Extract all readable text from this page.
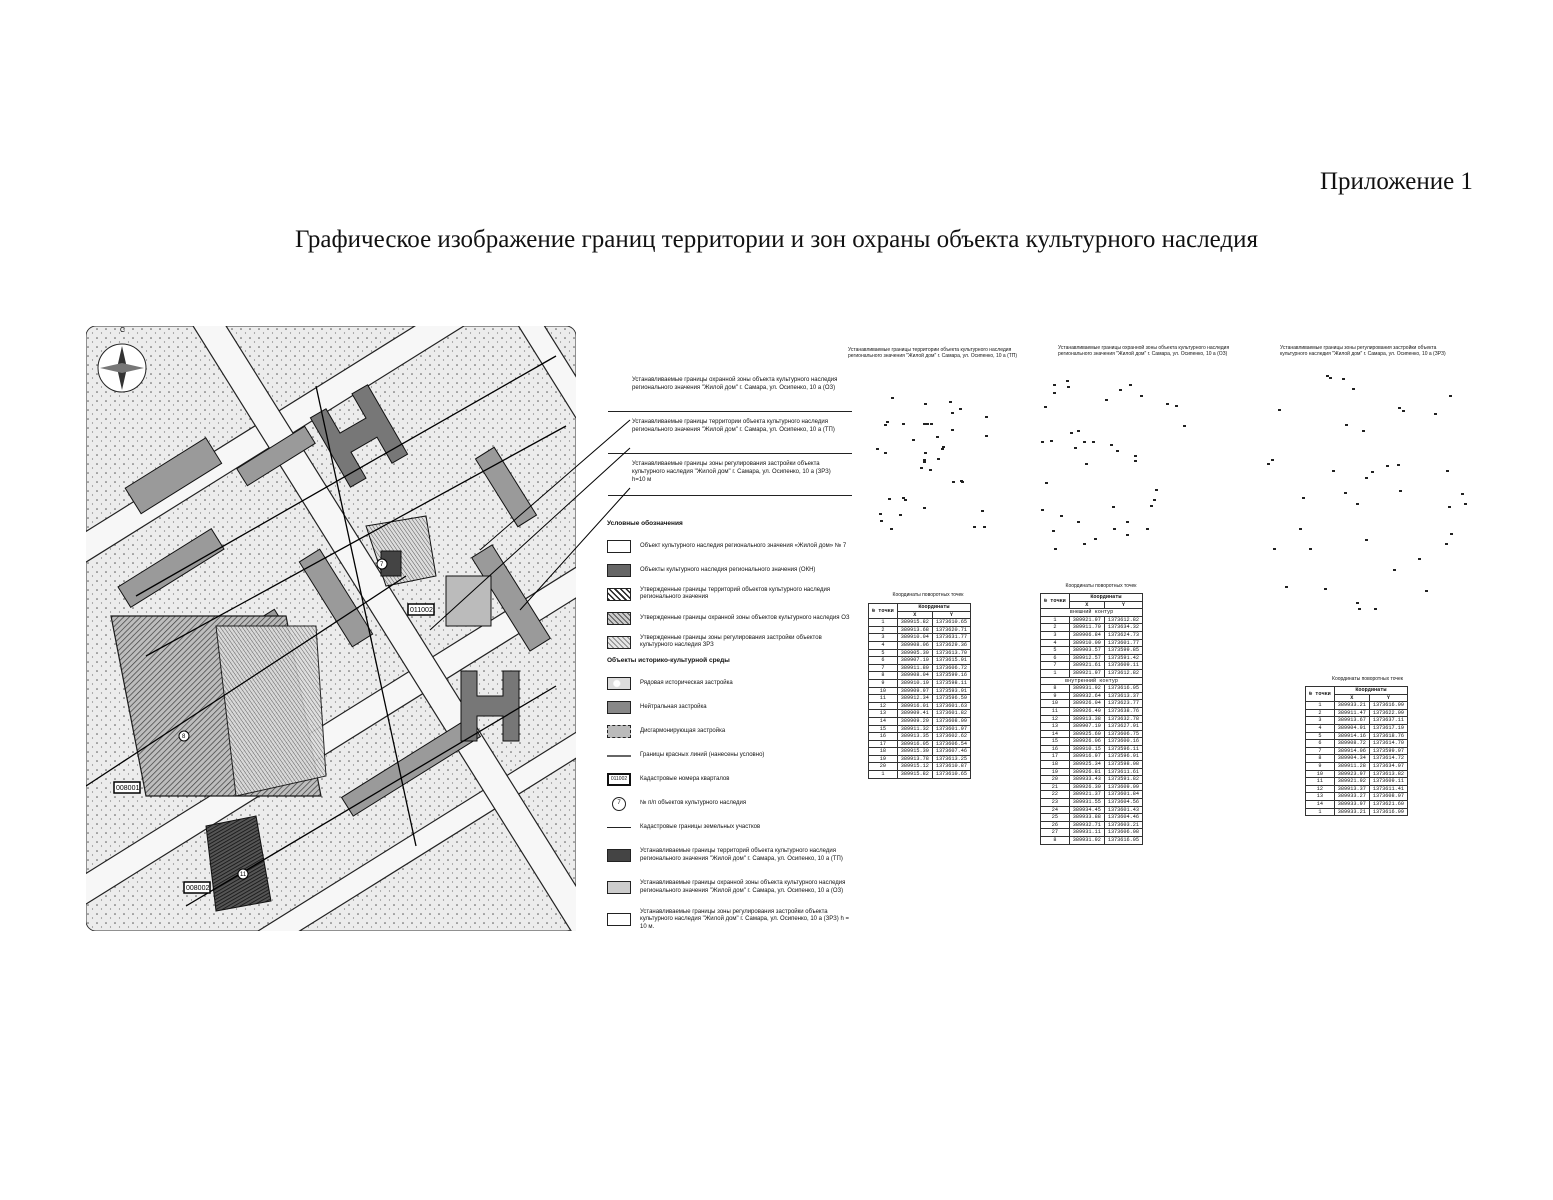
Приложение 1
Графическое изображение границ территории и зон охраны объекта культурного наследия
С
011002
008001
008002
7
8
11
Устанавливаемые границы охранной зоны объекта культурного наследия регионального значения "Жилой дом" г. Самара, ул. Осипенко, 10 а (ОЗ)
Устанавливаемые границы территории объекта культурного наследия регионального значения "Жилой дом" г. Самара, ул. Осипенко, 10 а (ТП)
Устанавливаемые границы зоны регулирования застройки объекта культурного наследия "Жилой дом" г. Самара, ул. Осипенко, 10 а (ЗРЗ) h=10 м
Условные обозначения
Объект культурного наследия регионального значения «Жилой дом» № 7
Объекты культурного наследия регионального значения (ОКН)
Утвержденные границы территорий объектов культурного наследия регионального значения
Утвержденные границы охранной зоны объектов культурного наследия ОЗ
Утвержденные границы зоны регулирования застройки объектов культурного наследия ЗРЗ
Объекты историко-культурной среды
Рядовая историческая застройка
Нейтральная застройка
Дисгармонирующая застройка
Границы красных линий (нанесены условно)
011002	Кадастровые номера кварталов
7	№ п/п объектов культурного наследия
Кадастровые границы земельных участков
Устанавливаемые границы территорий объекта культурного наследия регионального значения "Жилой дом" г. Самара, ул. Осипенко, 10 а (ТП)
Устанавливаемые границы охранной зоны объекта культурного наследия регионального значения "Жилой дом" г. Самара, ул. Осипенко, 10 а (ОЗ)
Устанавливаемые границы зоны регулирования застройки объекта культурного наследия "Жилой дом" г. Самара, ул. Осипенко, 10 а (ЗРЗ) h = 10 м.
Устанавливаемые границы территории объекта культурного наследия регионального значения "Жилой дом" г. Самара, ул. Осипенко, 10 а (ТП)
Устанавливаемые границы охранной зоны объекта культурного наследия регионального значения "Жилой дом" г. Самара, ул. Осипенко, 10 а (ОЗ)
Устанавливаемые границы зоны регулирования застройки объекта культурного наследия "Жилой дом" г. Самара, ул. Осипенко, 10 а (ЗРЗ)
Координаты поворотных точек
№ точки	Координаты	
	X	Y
1	389915.82	1373610.65
2	389913.68	1373620.71
3	389910.04	1373631.77
4	389908.06	1373629.36
5	389905.30	1373613.70
6	389907.10	1373615.91
7	389911.80	1373606.72
8	389908.04	1373599.16
9	389910.19	1373598.11
10	389909.97	1373593.91
11	389912.34	1373596.59
12	389916.01	1373601.63
13	389909.41	1373601.82
14	389909.20	1373608.09
15	389911.32	1373601.97
16	389913.35	1373602.62
17	389916.05	1373606.54
18	389915.30	1373607.46
19	389913.78	1373613.25
20	389915.12	1373610.87
1	389915.82	1373610.65
Координаты поворотных точек
№ точки	Координаты	
	X	Y
внешний контур		
1	389921.97	1373612.82
2	389911.70	1373634.32
3	389906.84	1373624.73
4	389910.09	1373601.77
5	389903.57	1373599.85
6	389912.57	1373591.42
7	389921.61	1373609.11
1	389921.97	1373612.82
внутренний контур		
8	389931.92	1373616.05
9	389932.64	1373613.37
10	389926.04	1373623.77
11	389926.40	1373638.76
12	389913.38	1373632.78
13	389907.10	1373627.91
14	389925.60	1373606.75
15	389926.06	1373600.16
16	389910.15	1373596.11
17	389916.97	1373596.91
18	389925.34	1373598.08
19	389926.81	1373611.61
20	389933.43	1373591.82
21	389926.30	1373609.09
22	389921.37	1373601.84
23	389931.55	1373604.56
24	389934.45	1373601.43
25	389933.88	1373604.46
26	389932.71	1373603.21
27	389931.11	1373606.08
8	389931.92	1373616.05
Координаты поворотных точек
№ точки	Координаты	
	X	Y
1	389933.21	1373616.99
2	389911.47	1373622.09
3	389913.67	1373637.11
4	389904.91	1373617.19
5	389914.16	1373618.76
6	389908.72	1373614.70
7	389914.06	1373599.97
8	389904.34	1373614.72
9	389911.28	1373634.97
10	389923.97	1373613.82
11	389921.92	1373609.11
12	389913.37	1373611.41
13	389933.27	1373608.97
14	389933.97	1373621.60
1	389933.21	1373616.99
